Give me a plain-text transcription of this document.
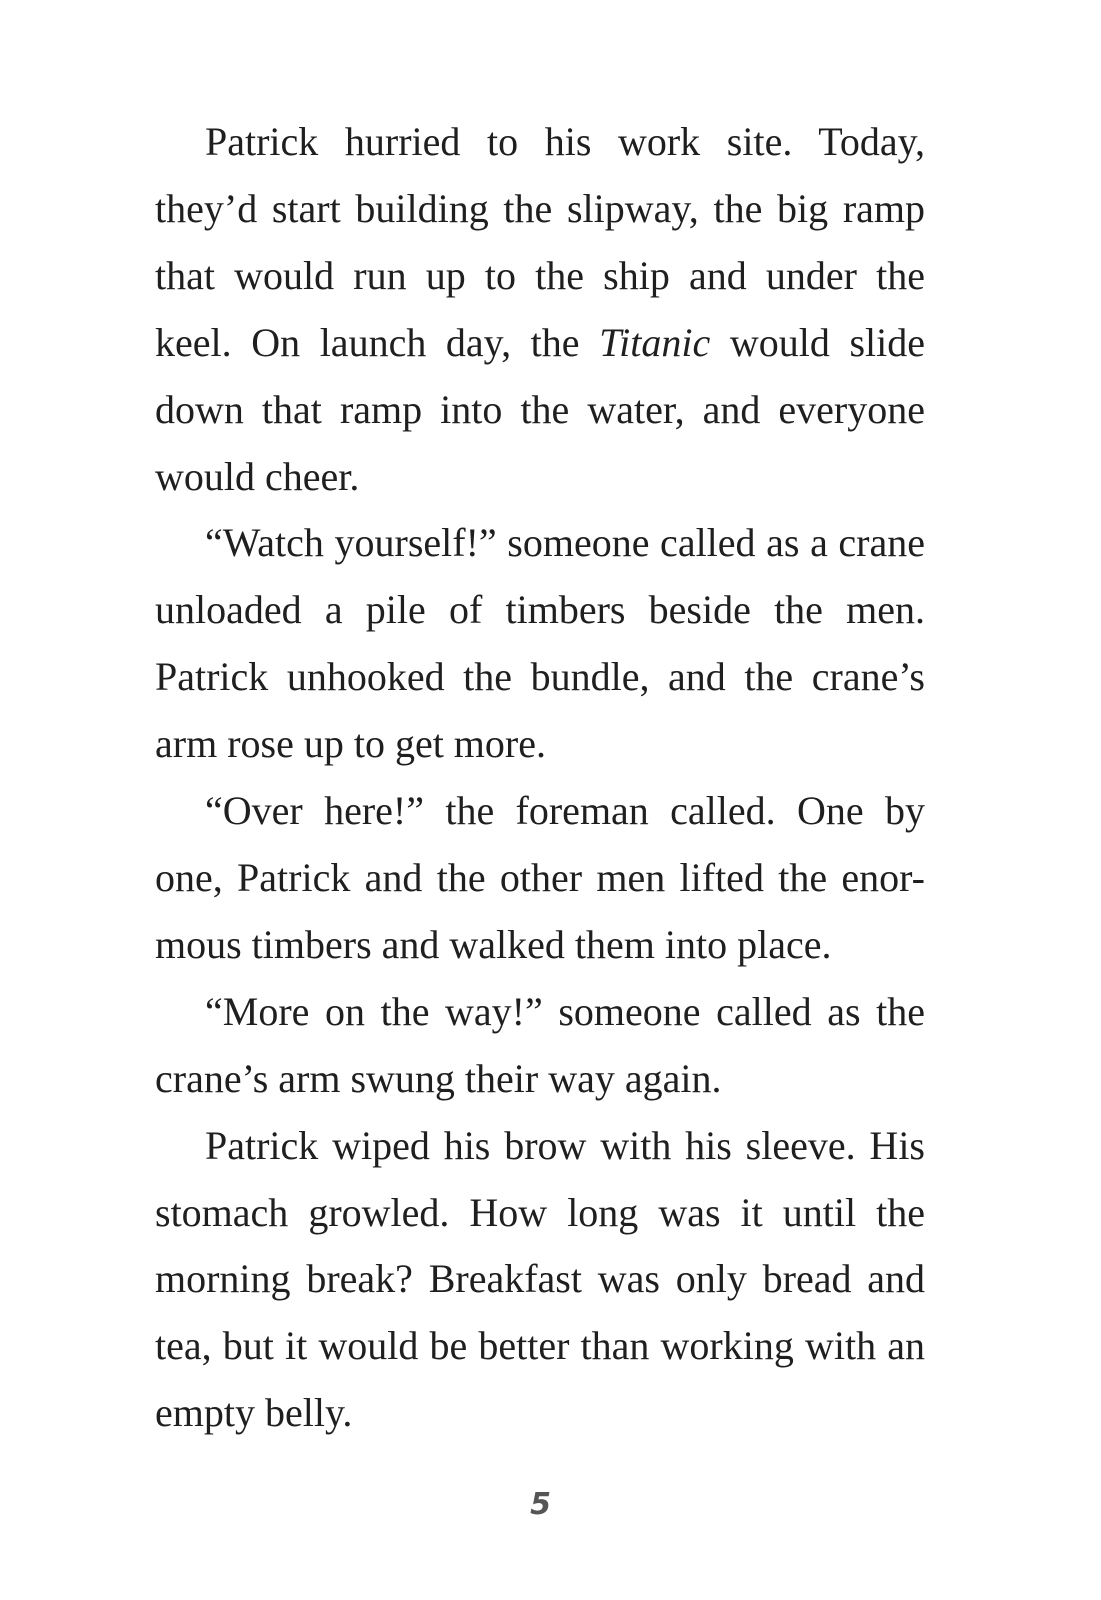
Patrick hurried to his work site. Today, they’d start building the slipway, the big ramp that would run up to the ship and under the keel. On launch day, the Titanic would slide down that ramp into the water, and everyone would cheer.

“Watch yourself!” someone called as a crane unloaded a pile of timbers beside the men. Patrick unhooked the bundle, and the crane’s arm rose up to get more.

“Over here!” the foreman called. One by one, Patrick and the other men lifted the enor-mous timbers and walked them into place.

“More on the way!” someone called as the crane’s arm swung their way again.

Patrick wiped his brow with his sleeve. His stomach growled. How long was it until the morning break? Breakfast was only bread and tea, but it would be better than working with an empty belly.

5
